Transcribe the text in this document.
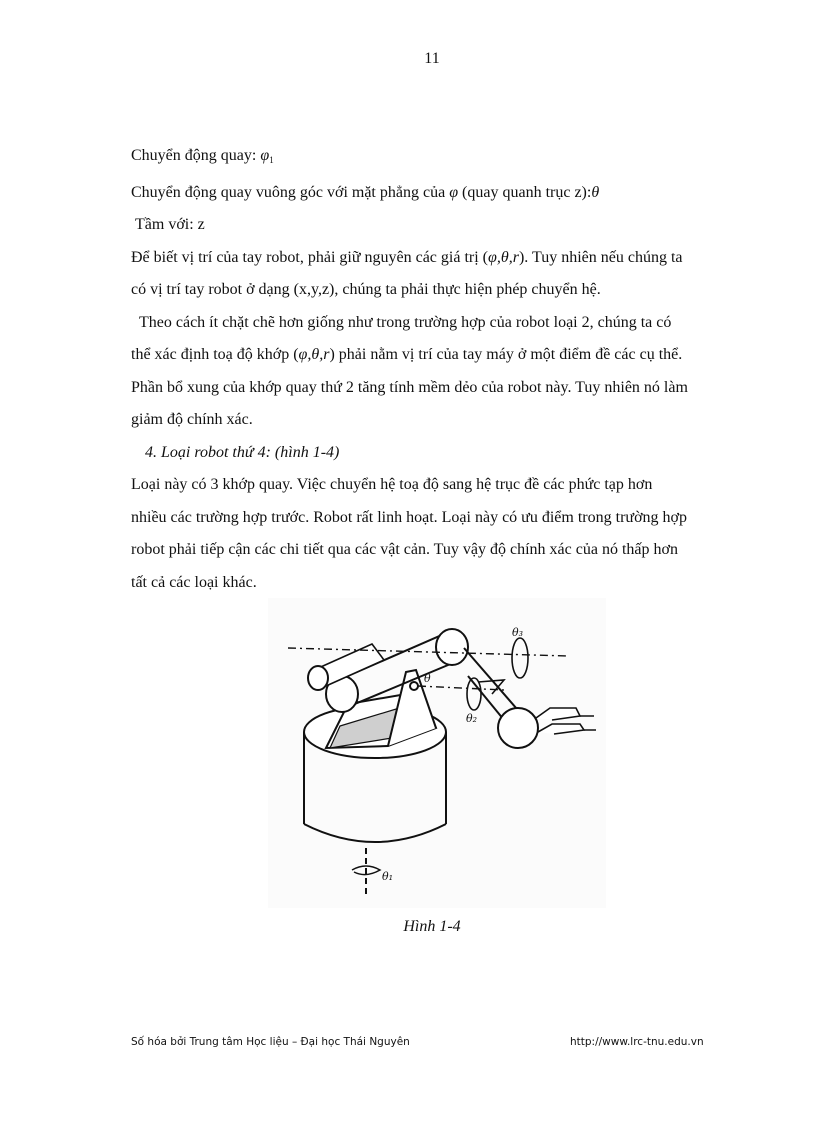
11
Chuyển động quay: $\varphi_1$
Chuyển động quay vuông góc với mặt phẳng của φ (quay quanh trục z):θ
Tầm với: z
Để biết vị trí của tay robot, phải giữ nguyên các giá trị (φ,θ,r). Tuy nhiên nếu chúng ta
có vị trí tay robot ở dạng (x,y,z), chúng ta phải thực hiện phép chuyển hệ.
Theo cách ít chặt chẽ hơn giống như trong trường hợp của robot loại 2, chúng ta có
thể xác định toạ độ khớp (φ,θ,r) phải nằm vị trí của tay máy ở một điểm đề các cụ thể.
Phần bổ xung của khớp quay thứ 2 tăng tính mềm dẻo của robot này. Tuy nhiên nó làm
giảm độ chính xác.
4. Loại robot thứ 4: (hình 1-4)
Loại này có 3 khớp quay. Việc chuyển hệ toạ độ sang hệ trục đề các phức tạp hơn
nhiều các trường hợp trước. Robot rất linh hoạt. Loại này có ưu điểm trong trường hợp
robot phải tiếp cận các chi tiết qua các vật cản. Tuy vậy độ chính xác của nó thấp hơn
tất cả các loại khác.
θ₃
θ
θ₂
θ₁
Hình 1-4
Số hóa bởi Trung tâm Học liệu – Đại học Thái Nguyên	http://www.lrc-tnu.edu.vn
